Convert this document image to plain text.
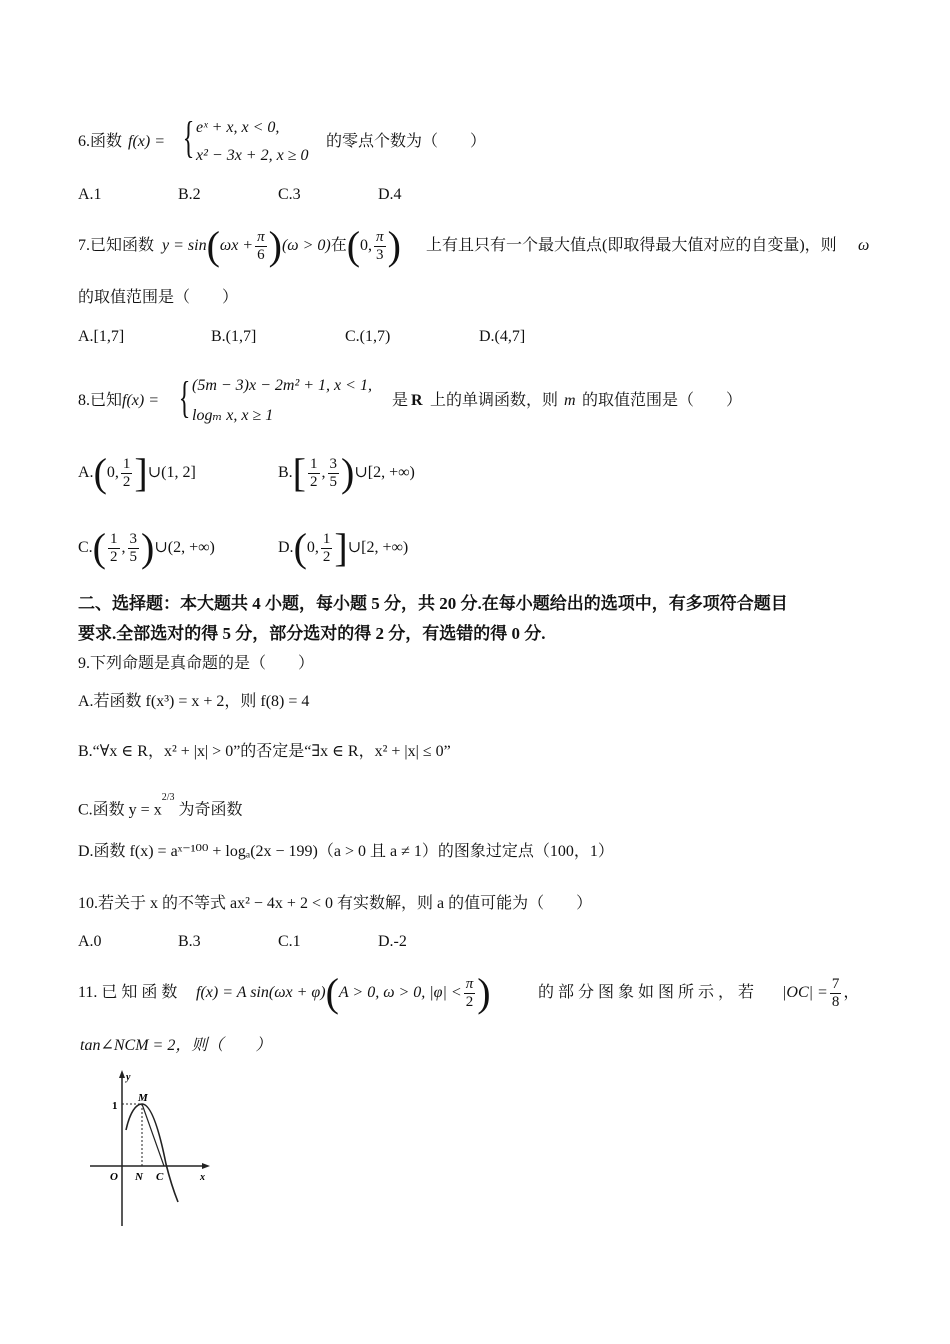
6.函数 f(x) = { eˣ + x, x < 0,
x² − 3x + 2, x ≥ 0
的零点个数为（　　）
A.1	B.2	C.3	D.4
7.已知函数 y = sin ( $\omega x + \frac{\pi}{6}$ ) (ω > 0) 在 ( 0, $\frac{\pi}{3}$ ) 上有且只有一个最大值点(即取得最大值对应的自变量)，则 ω
的取值范围是（　　）
A.[1,7]	B.(1,7]	C.(1,7)	D.(4,7]
8.已知 f(x) = { (5m − 3)x − 2m² + 1, x < 1,
logₘ x, x ≥ 1
是 R 上的单调函数，则 m 的取值范围是（　　）
A. ( 0, $\frac{1}{2}$ ] ∪(1, 2]	B. [ $\frac{1}{2}$ , $\frac{3}{5}$ ) ∪[2, +∞)
C. ( $\frac{1}{2}$ , $\frac{3}{5}$ ) ∪(2, +∞)	D. ( 0, $\frac{1}{2}$ ] ∪[2, +∞)
二、选择题：本大题共 4 小题，每小题 5 分，共 20 分.在每小题给出的选项中，有多项符合题目
要求.全部选对的得 5 分，部分选对的得 2 分，有选错的得 0 分.
9.下列命题是真命题的是（　　）
A.若函数 f(x³) = x + 2，则 f(8) = 4
B.“∀x ∈ R，x² + |x| > 0”的否定是“∃x ∈ R，x² + |x| ≤ 0”
C.函数 $y = x^{2/3}$ 为奇函数
D.函数 f(x) = aˣ⁻¹⁰⁰ + logₐ(2x − 199)（a > 0 且 a ≠ 1）的图象过定点（100，1）
10.若关于 x 的不等式 ax² − 4x + 2 < 0 有实数解，则 a 的值可能为（　　）
A.0	B.3	C.1	D.-2
11. 已 知 函 数 f(x) = A sin(ωx + φ) ( A > 0, ω > 0, $|\varphi| < \frac{\pi}{2}$ )	的 部 分 图 象 如 图 所 示 ， 若 $|OC| = \frac{7}{8}$ ，
tan∠NCM = 2，则（　　）
y
1
M
O N C	x
